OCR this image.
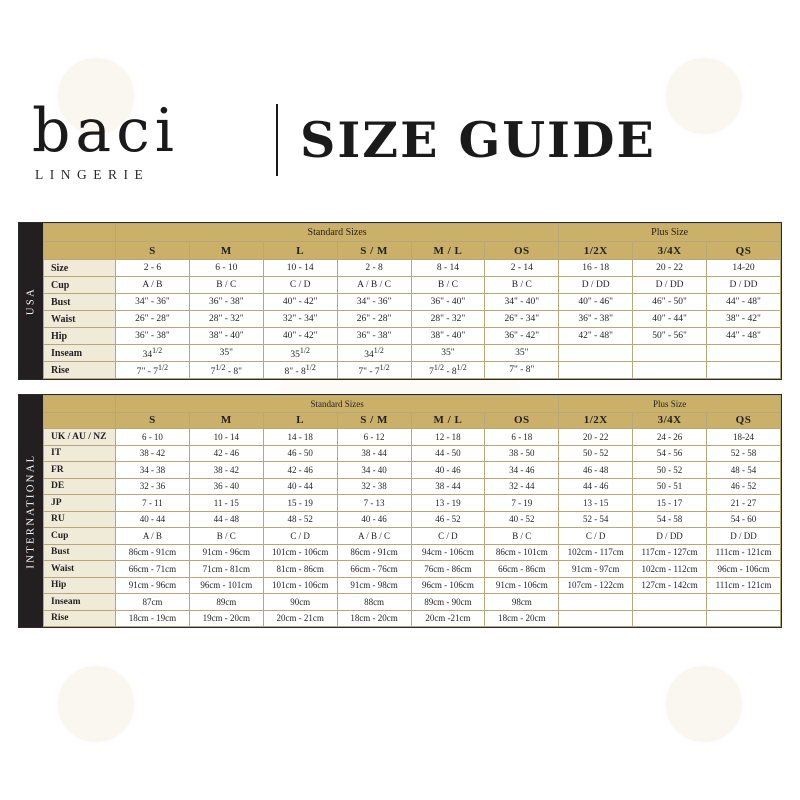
baci
LINGERIE
SIZE GUIDE
USA
	Standard Sizes						Plus Size		
	S	M	L	S / M	M / L	OS	1/2X	3/4X	QS
Size	2 - 6	6 - 10	10 - 14	2 - 8	8 - 14	2 - 14	16 - 18	20 - 22	14-20
Cup	A / B	B / C	C / D	A / B / C	B / C	B / C	D / DD	D / DD	D / DD
Bust	34" - 36"	36" - 38"	40" - 42"	34" - 36"	36" - 40"	34" - 40"	40" - 46"	46" - 50"	44" - 48"
Waist	26" - 28"	28" - 32"	32" - 34"	26" - 28"	28" - 32"	26" - 34"	36" - 38"	40" - 44"	38" - 42"
Hip	36" - 38"	38" - 40"	40" - 42"	36" - 38"	38" - 40"	36" - 42"	42" - 48"	50" - 56"	44" - 48"
Inseam	$34^{1/2}$	35"	$35^{1/2}$	$34^{1/2}$	35"	35"			
Rise	7" - $7^{1/2}$	$7^{1/2} - 8$"	8" - $8^{1/2}$	7" - $7^{1/2}$	$7^{1/2} - 8^{1/2}$	7" - 8"			
INTERNATIONAL
	Standard Sizes						Plus Size		
	S	M	L	S / M	M / L	OS	1/2X	3/4X	QS
UK / AU / NZ	6 - 10	10 - 14	14 - 18	6 - 12	12 - 18	6 - 18	20 - 22	24 - 26	18-24
IT	38 - 42	42 - 46	46 - 50	38 - 44	44 - 50	38 - 50	50 - 52	54 - 56	52 - 58
FR	34 - 38	38 - 42	42 - 46	34 - 40	40 - 46	34 - 46	46 - 48	50 - 52	48 - 54
DE	32 - 36	36 - 40	40 - 44	32 - 38	38 - 44	32 - 44	44 - 46	50 - 51	46 - 52
JP	7 - 11	11 - 15	15 - 19	7 - 13	13 - 19	7 - 19	13 - 15	15 - 17	21 - 27
RU	40 - 44	44 - 48	48 - 52	40 - 46	46 - 52	40 - 52	52 - 54	54 - 58	54 - 60
Cup	A / B	B / C	C / D	A / B / C	C / D	B / C	C / D	D / DD	D / DD
Bust	86cm - 91cm	91cm - 96cm	101cm - 106cm	86cm - 91cm	94cm - 106cm	86cm - 101cm	102cm - 117cm	117cm - 127cm	111cm - 121cm
Waist	66cm - 71cm	71cm - 81cm	81cm - 86cm	66cm - 76cm	76cm - 86cm	66cm - 86cm	91cm - 97cm	102cm - 112cm	96cm - 106cm
Hip	91cm - 96cm	96cm - 101cm	101cm - 106cm	91cm - 98cm	96cm - 106cm	91cm - 106cm	107cm - 122cm	127cm - 142cm	111cm - 121cm
Inseam	87cm	89cm	90cm	88cm	89cm - 90cm	98cm			
Rise	18cm - 19cm	19cm - 20cm	20cm - 21cm	18cm - 20cm	20cm -21cm	18cm - 20cm			
